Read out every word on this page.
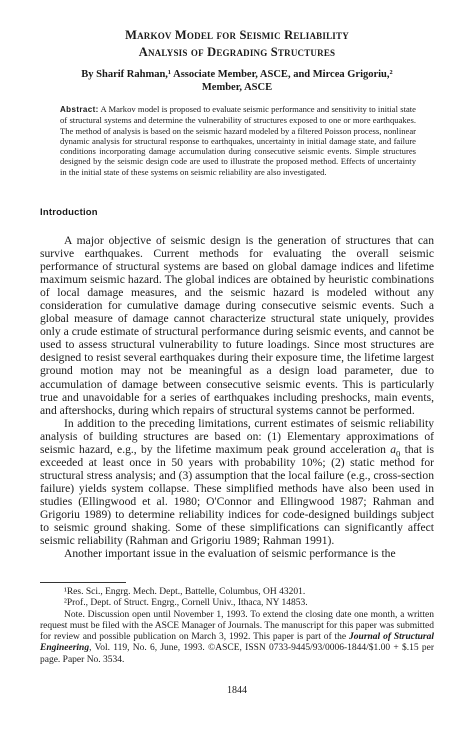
Markov Model for Seismic Reliability
Analysis of Degrading Structures
By Sharif Rahman,¹ Associate Member, ASCE, and Mircea Grigoriu,²
Member, ASCE
Abstract: A Markov model is proposed to evaluate seismic performance and sensitivity to initial state of structural systems and determine the vulnerability of structures exposed to one or more earthquakes. The method of analysis is based on the seismic hazard modeled by a filtered Poisson process, nonlinear dynamic analysis for structural response to earthquakes, uncertainty in initial damage state, and failure conditions incorporating damage accumulation during consecutive seismic events. Simple structures designed by the seismic design code are used to illustrate the proposed method. Effects of uncertainty in the initial state of these systems on seismic reliability are also investigated.
Introduction

A major objective of seismic design is the generation of structures that can survive earthquakes. Current methods for evaluating the overall seismic performance of structural systems are based on global damage indices and lifetime maximum seismic hazard. The global indices are obtained by heuristic combinations of local damage measures, and the seismic hazard is modeled without any consideration for cumulative damage during consecutive seismic events. Such a global measure of damage cannot characterize structural state uniquely, provides only a crude estimate of structural performance during seismic events, and cannot be used to assess structural vulnerability to future loadings. Since most structures are designed to resist several earthquakes during their exposure time, the lifetime largest ground motion may not be meaningful as a design load parameter, due to accumulation of damage between consecutive seismic events. This is particularly true and unavoidable for a series of earthquakes including preshocks, main events, and aftershocks, during which repairs of structural systems cannot be performed.

In addition to the preceding limitations, current estimates of seismic reliability analysis of building structures are based on: (1) Elementary approximations of seismic hazard, e.g., by the lifetime maximum peak ground acceleration $a_0$ that is exceeded at least once in 50 years with probability 10%; (2) static method for structural stress analysis; and (3) assumption that the local failure (e.g., cross-section failure) yields system collapse. These simplified methods have also been used in studies (Ellingwood et al. 1980; O'Connor and Ellingwood 1987; Rahman and Grigoriu 1989) to determine reliability indices for code-designed buildings subject to seismic ground shaking. Some of these simplifications can significantly affect seismic reliability (Rahman and Grigoriu 1989; Rahman 1991).

Another important issue in the evaluation of seismic performance is the

¹Res. Sci., Engrg. Mech. Dept., Battelle, Columbus, OH 43201.

²Prof., Dept. of Struct. Engrg., Cornell Univ., Ithaca, NY 14853.

Note. Discussion open until November 1, 1993. To extend the closing date one month, a written request must be filed with the ASCE Manager of Journals. The manuscript for this paper was submitted for review and possible publication on March 3, 1992. This paper is part of the Journal of Structural Engineering, Vol. 119, No. 6, June, 1993. ©ASCE, ISSN 0733-9445/93/0006-1844/$1.00 + $.15 per page. Paper No. 3534.

1844
